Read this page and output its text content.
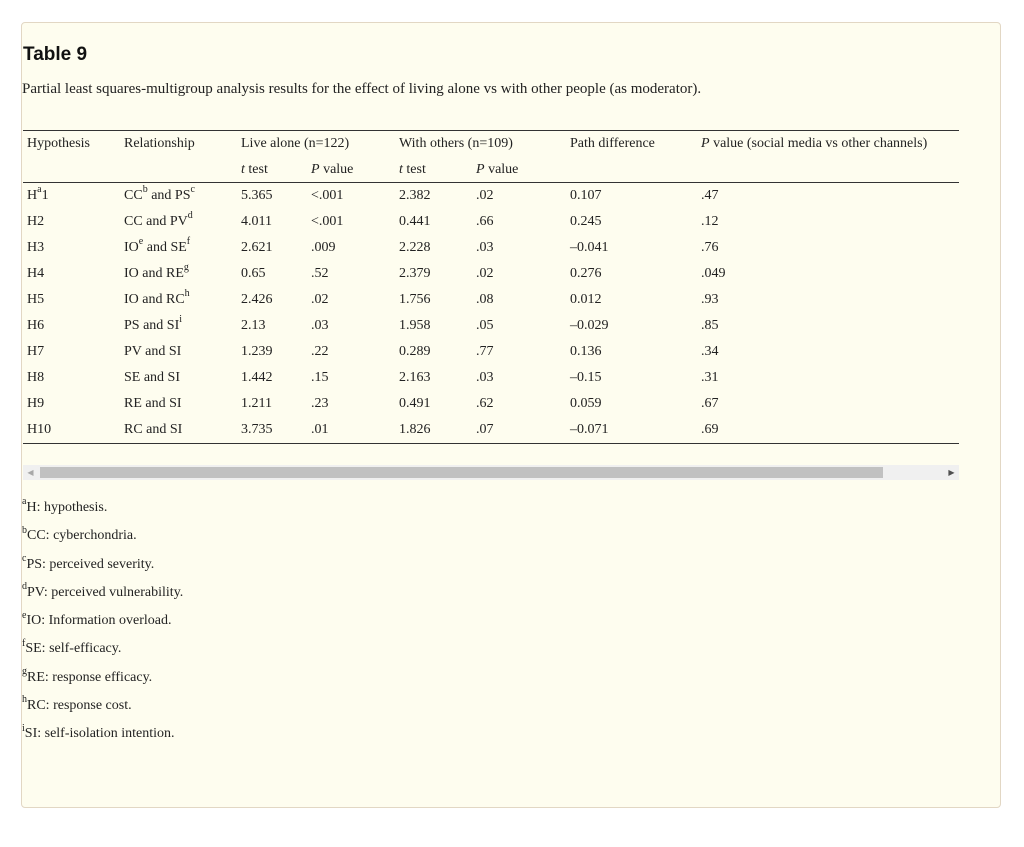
Table 9

Partial least squares-multigroup analysis results for the effect of living alone vs with other people (as moderator).

Hypothesis	Relationship	Live alone (n=122)		With others (n=109)		Path difference	P value (social media vs other channels)
		t test	P value	t test	P value		
$H^a1$	$CC^b$ and $PS^c$	5.365	<.001	2.382	.02	0.107	.47
H2	CC and $PV^d$	4.011	<.001	0.441	.66	0.245	.12
H3	$IO^e$ and $SE^f$	2.621	.009	2.228	.03	–0.041	.76
H4	IO and $RE^g$	0.65	.52	2.379	.02	0.276	.049
H5	IO and $RC^h$	2.426	.02	1.756	.08	0.012	.93
H6	PS and $SI^i$	2.13	.03	1.958	.05	–0.029	.85
H7	PV and SI	1.239	.22	0.289	.77	0.136	.34
H8	SE and SI	1.442	.15	2.163	.03	–0.15	.31
H9	RE and SI	1.211	.23	0.491	.62	0.059	.67
H10	RC and SI	3.735	.01	1.826	.07	–0.071	.69
◀	▶
$^a$H: hypothesis.
$^b$CC: cyberchondria.
$^c$PS: perceived severity.
$^d$PV: perceived vulnerability.
$^e$IO: Information overload.
$^f$SE: self-efficacy.
$^g$RE: response efficacy.
$^h$RC: response cost.
$^i$SI: self-isolation intention.
